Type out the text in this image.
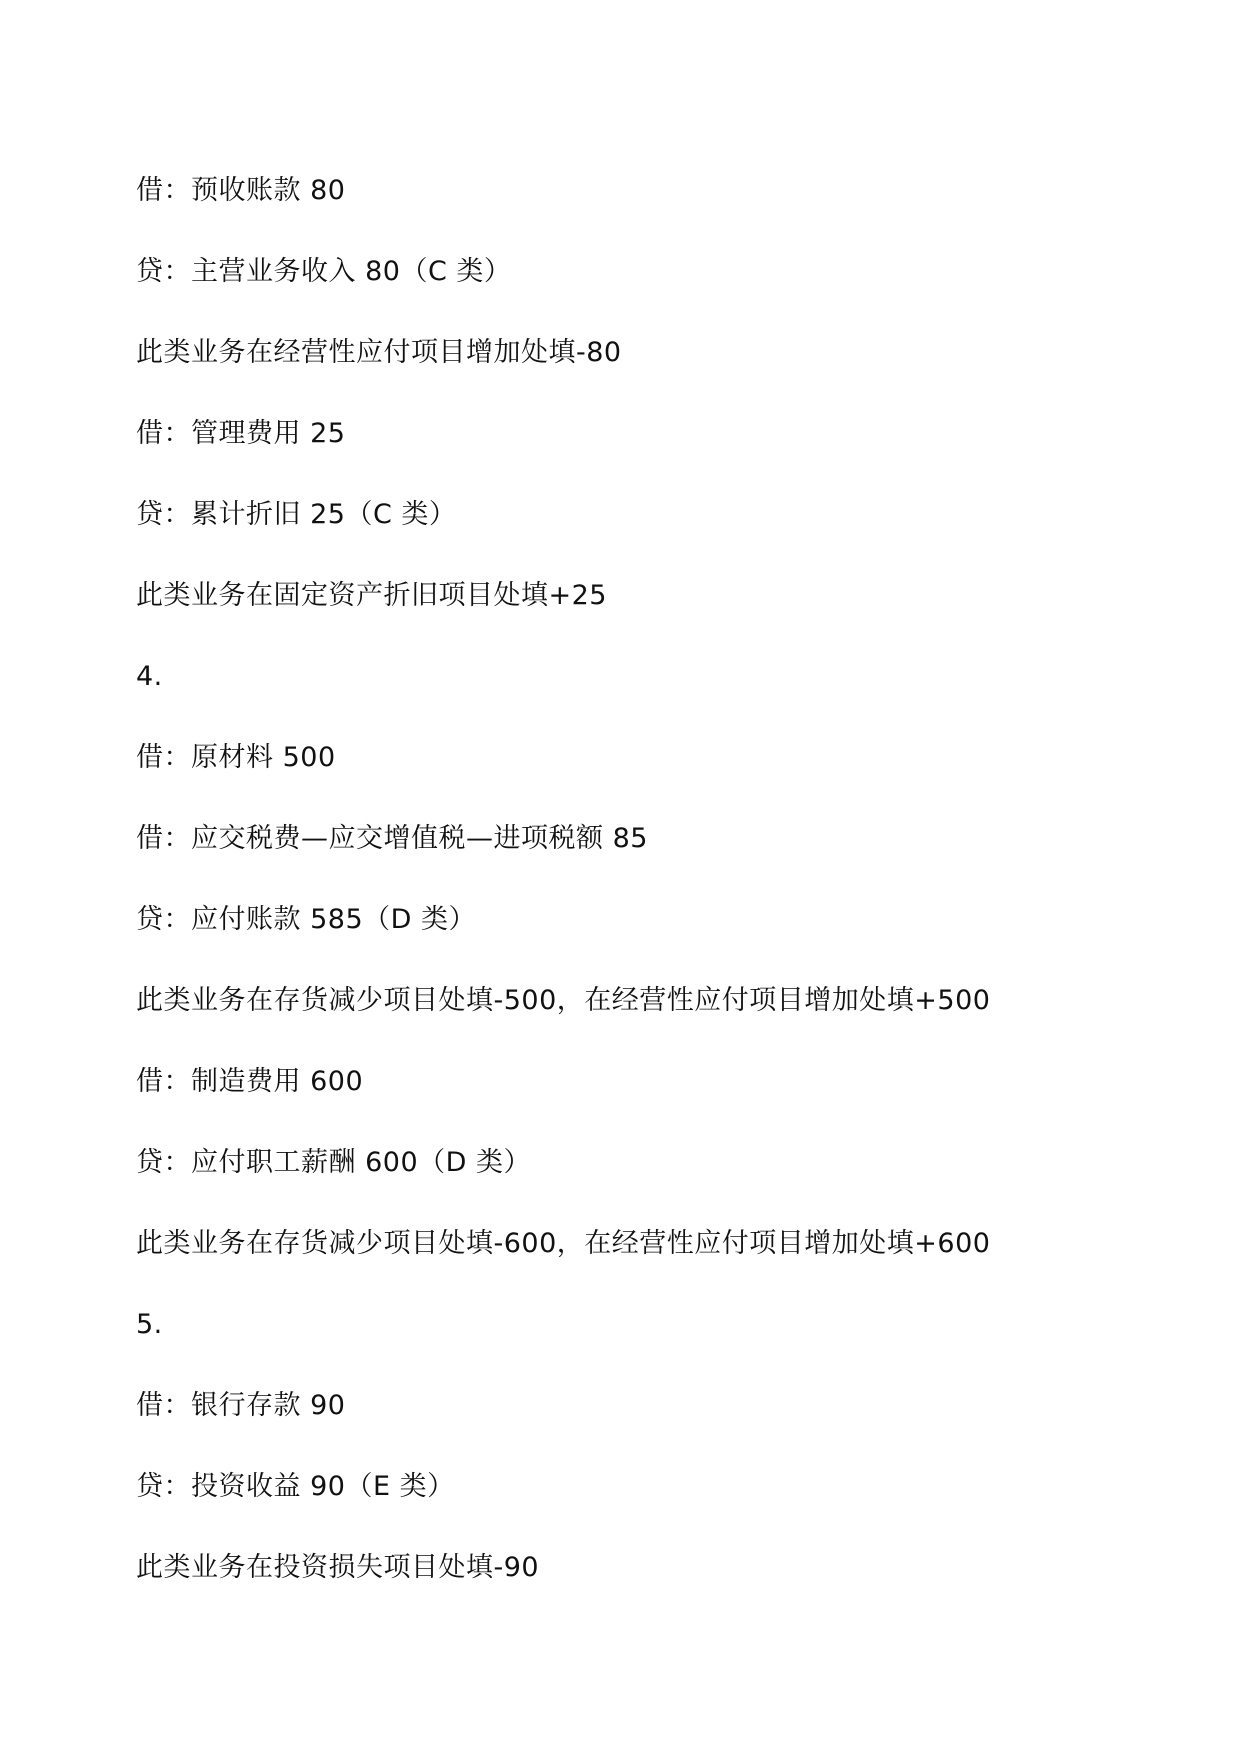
借：预收账款 80
贷：主营业务收入 80（C 类）
此类业务在经营性应付项目增加处填-80
借：管理费用 25
贷：累计折旧 25（C 类）
此类业务在固定资产折旧项目处填+25
4.
借：原材料 500
借：应交税费—应交增值税—进项税额 85
贷：应付账款 585（D 类）
此类业务在存货减少项目处填-500，在经营性应付项目增加处填+500
借：制造费用 600
贷：应付职工薪酬 600（D 类）
此类业务在存货减少项目处填-600，在经营性应付项目增加处填+600
5.
借：银行存款 90
贷：投资收益 90（E 类）
此类业务在投资损失项目处填-90
